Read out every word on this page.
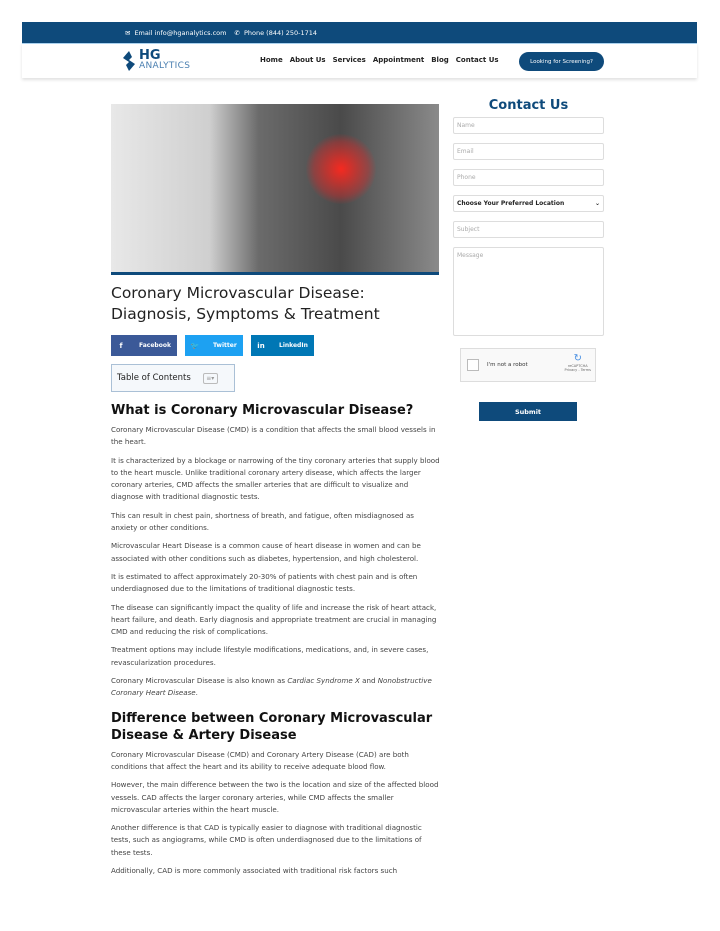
✉ Email info@hganalytics.com ✆ Phone (844) 250-1714
HG
ANALYTICS
Home About Us Services Appointment Blog Contact Us	Looking for Screening?
Coronary Microvascular Disease: Diagnosis, Symptoms & Treatment
f	Facebook	🐦	Twitter	in	LinkedIn
Table of Contents	≡▾
What is Coronary Microvascular Disease?

Coronary Microvascular Disease (CMD) is a condition that affects the small blood vessels in the heart.

It is characterized by a blockage or narrowing of the tiny coronary arteries that supply blood to the heart muscle. Unlike traditional coronary artery disease, which affects the larger coronary arteries, CMD affects the smaller arteries that are difficult to visualize and diagnose with traditional diagnostic tests.

This can result in chest pain, shortness of breath, and fatigue, often misdiagnosed as anxiety or other conditions.

Microvascular Heart Disease is a common cause of heart disease in women and can be associated with other conditions such as diabetes, hypertension, and high cholesterol.

It is estimated to affect approximately 20-30% of patients with chest pain and is often underdiagnosed due to the limitations of traditional diagnostic tests.

The disease can significantly impact the quality of life and increase the risk of heart attack, heart failure, and death. Early diagnosis and appropriate treatment are crucial in managing CMD and reducing the risk of complications.

Treatment options may include lifestyle modifications, medications, and, in severe cases, revascularization procedures.

Coronary Microvascular Disease is also known as Cardiac Syndrome X and Nonobstructive Coronary Heart Disease.

Difference between Coronary Microvascular Disease & Artery Disease

Coronary Microvascular Disease (CMD) and Coronary Artery Disease (CAD) are both conditions that affect the heart and its ability to receive adequate blood flow.

However, the main difference between the two is the location and size of the affected blood vessels. CAD affects the larger coronary arteries, while CMD affects the smaller microvascular arteries within the heart muscle.

Another difference is that CAD is typically easier to diagnose with traditional diagnostic tests, such as angiograms, while CMD is often underdiagnosed due to the limitations of these tests.

Additionally, CAD is more commonly associated with traditional risk factors such

Contact Us
Name
Email
Phone
Choose Your Preferred Location	⌄
Subject
Message
I'm not a robot
↻
reCAPTCHA
Privacy - Terms
Submit
